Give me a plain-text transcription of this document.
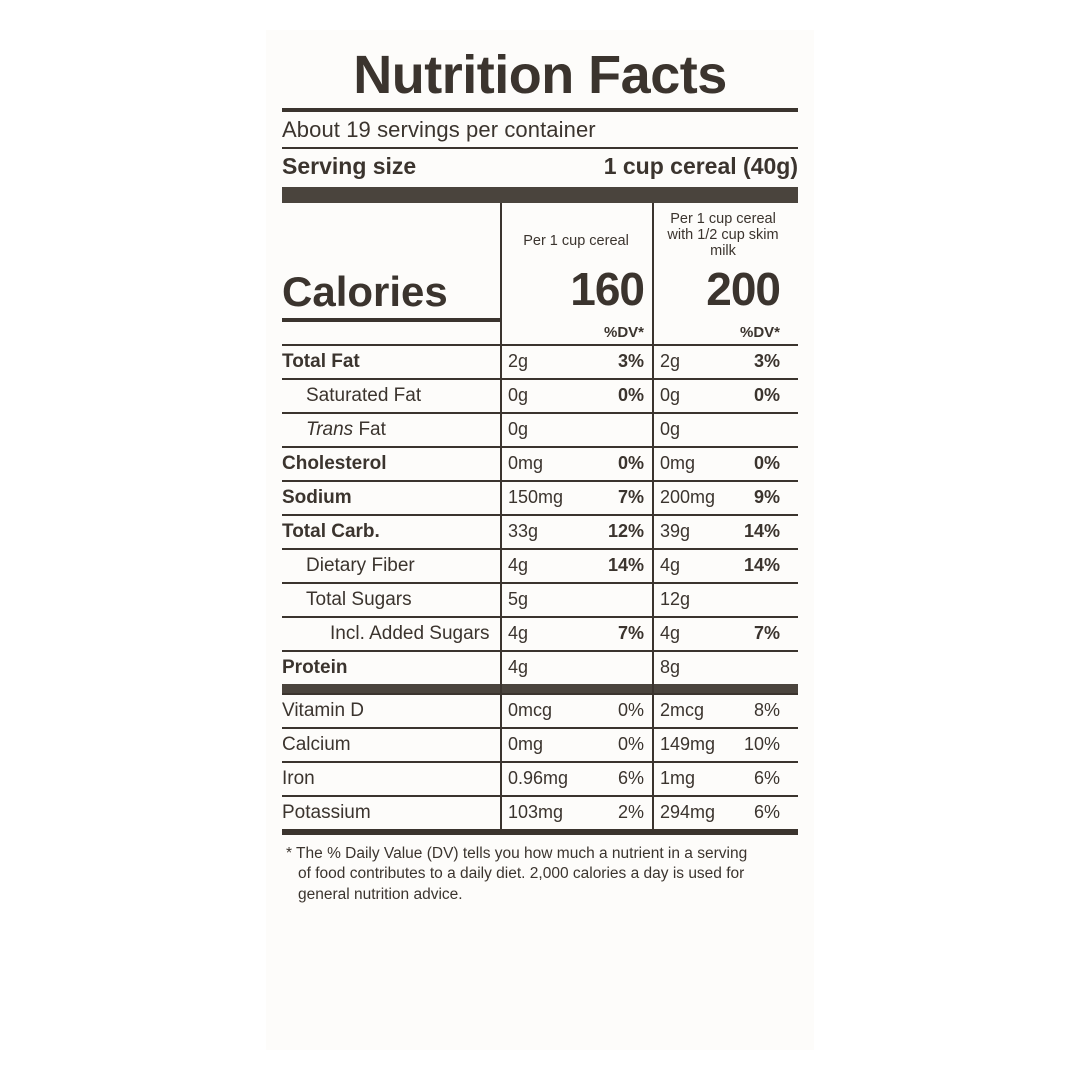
Nutrition Facts
About 19 servings per container
Serving size	1 cup cereal (40g)
Per 1 cup cereal
Per 1 cup cereal
with 1/2 cup skim milk
Calories	160	200
%DV*	%DV*
Total Fat	2g	3% 2g	3%
Saturated Fat	0g	0% 0g	0%
Trans Fat	0g	0g
Cholesterol	0mg	0% 0mg	0%
Sodium	150mg	7% 200mg	9%
Total Carb.	33g	12% 39g	14%
Dietary Fiber	4g	14% 4g	14%
Total Sugars	5g	12g
Incl. Added Sugars	4g	7% 4g	7%
Protein	4g	8g
Vitamin D	0mcg	0% 2mcg	8%
Calcium	0mg	0% 149mg	10%
Iron	0.96mg	6% 1mg	6%
Potassium	103mg	2% 294mg	6%
* The % Daily Value (DV) tells you how much a nutrient in a serving
of food contributes to a daily diet. 2,000 calories a day is used for
general nutrition advice.
